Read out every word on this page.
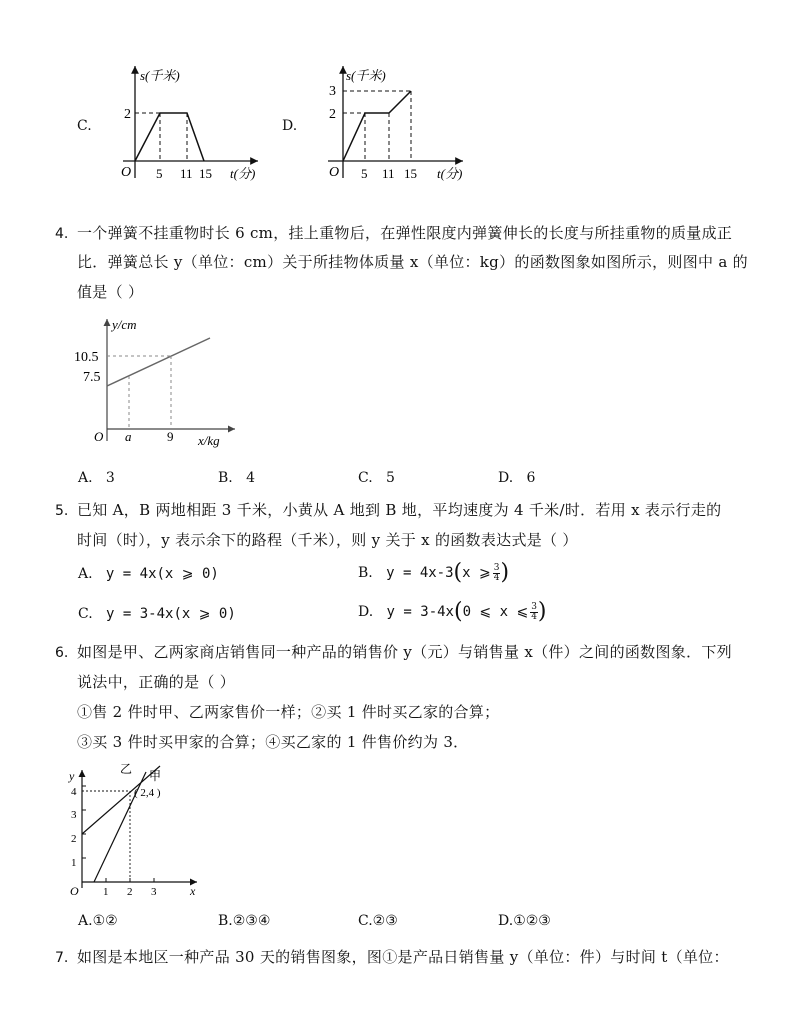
C.
s(千米)
2
O 5 11 15 t(分)
D.
s(千米)
3
2
O 5 11 15 t(分)
4. 一个弹簧不挂重物时长 6 cm，挂上重物后，在弹性限度内弹簧伸长的长度与所挂重物的质量成正
比．弹簧总长 y（单位：cm）关于所挂物体质量 x（单位：kg）的函数图象如图所示，则图中 a 的
值是（ ）
y/cm
10.5
7.5
O a	9 x/kg
A. 3	B. 4	C. 5	D. 6
5. 已知 A，B 两地相距 3 千米，小黄从 A 地到 B 地，平均速度为 4 千米/时．若用 x 表示行走的
时间（时），y 表示余下的路程（千米），则 y 关于 x 的函数表达式是（ ）
A. y = 4x(x ⩾ 0)	B.
y = 4x-3 ( x ⩾ $\frac{3}{4}$ )
C. y = 3-4x(x ⩾ 0)	D.
y = 3-4x ( 0 ⩽ x ⩽ $\frac{3}{4}$ )
6. 如图是甲、乙两家商店销售同一种产品的销售价 y（元）与销售量 x（件）之间的函数图象．下列
说法中，正确的是（ ）
①售 2 件时甲、乙两家售价一样；②买 1 件时买乙家的合算；
③买 3 件时买甲家的合算；④买乙家的 1 件售价约为 3．
乙 甲
( 2,4 )
y
4
3
2
1
O 1 2 3	x
A.①②	B.②③④	C.②③	D.①②③
7. 如图是本地区一种产品 30 天的销售图象，图①是产品日销售量 y（单位：件）与时间 t（单位：
